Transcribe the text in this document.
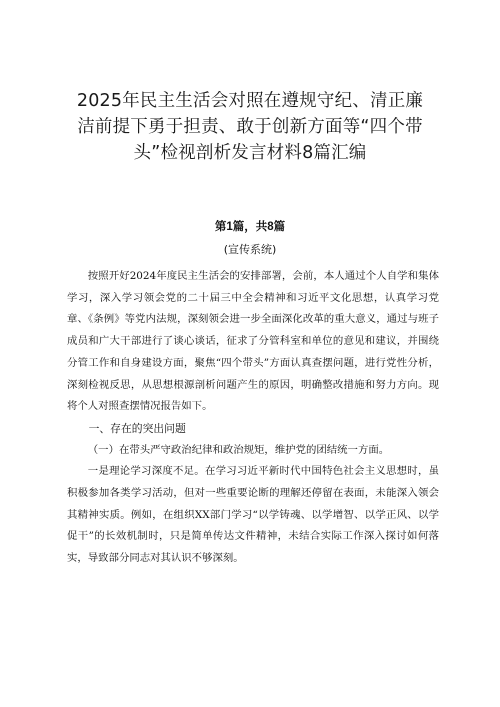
2025年民主生活会对照在遵规守纪、清正廉
洁前提下勇于担责、敢于创新方面等“四个带
头”检视剖析发言材料8篇汇编
第1篇，共8篇
(宣传系统)

按照开好2024年度民主生活会的安排部署，会前，本人通过个人自学和集体学习，深入学习领会党的二十届三中全会精神和习近平文化思想，认真学习党章、《条例》等党内法规，深刻领会进一步全面深化改革的重大意义，通过与班子成员和广大干部进行了谈心谈话，征求了分管科室和单位的意见和建议，并围绕分管工作和自身建设方面，聚焦“四个带头”方面认真查摆问题，进行党性分析，深刻检视反思，从思想根源剖析问题产生的原因，明确整改措施和努力方向。现将个人对照查摆情况报告如下。

一、存在的突出问题

（一）在带头严守政治纪律和政治规矩，维护党的团结统一方面。

一是理论学习深度不足。在学习习近平新时代中国特色社会主义思想时，虽积极参加各类学习活动，但对一些重要论断的理解还停留在表面，未能深入领会其精神实质。例如，在组织XX部门学习“以学铸魂、以学增智、以学正风、以学促干”的长效机制时，只是简单传达文件精神，未结合实际工作深入探讨如何落实，导致部分同志对其认识不够深刻。
